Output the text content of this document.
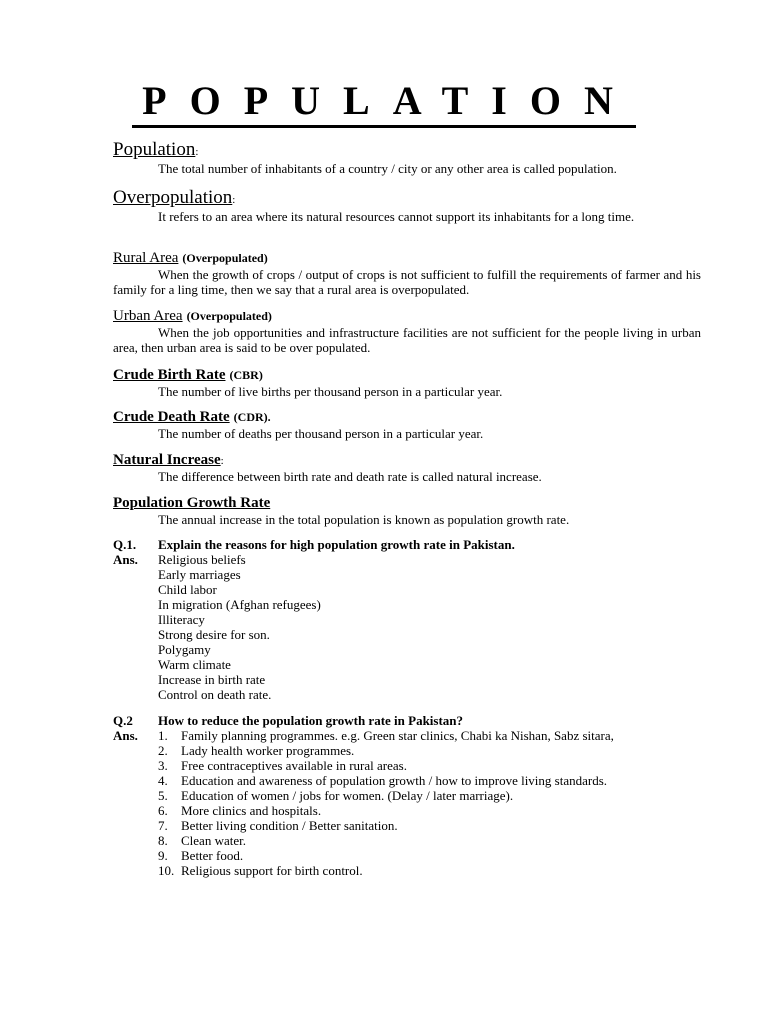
POPULATION
Population:

The total number of inhabitants of a country / city or any other area is called population.

Overpopulation:

It refers to an area where its natural resources cannot support its inhabitants for a long time.

Rural Area (Overpopulated)

When the growth of crops / output of crops is not sufficient to fulfill the requirements of farmer and his family for a ling time, then we say that a rural area is overpopulated.

Urban Area (Overpopulated)

When the job opportunities and infrastructure facilities are not sufficient for the people living in urban area, then urban area is said to be over populated.

Crude Birth Rate (CBR)

The number of live births per thousand person in a particular year.

Crude Death Rate (CDR).

The number of deaths per thousand person in a particular year.

Natural Increase:

The difference between birth rate and death rate is called natural increase.

Population Growth Rate

The annual increase in the total population is known as population growth rate.

Q.1.	Explain the reasons for high population growth rate in Pakistan.
Ans.	Religious beliefs
Early marriages
Child labor
In migration (Afghan refugees)
Illiteracy
Strong desire for son.
Polygamy
Warm climate
Increase in birth rate
Control on death rate.
Q.2	How to reduce the population growth rate in Pakistan?
Ans.	1.	Family planning programmes. e.g. Green star clinics, Chabi ka Nishan, Sabz sitara,
2.	Lady health worker programmes.
3.	Free contraceptives available in rural areas.
4.	Education and awareness of population growth / how to improve living standards.
5.	Education of women / jobs for women. (Delay / later marriage).
6.	More clinics and hospitals.
7.	Better living condition / Better sanitation.
8.	Clean water.
9.	Better food.
10. Religious support for birth control.
